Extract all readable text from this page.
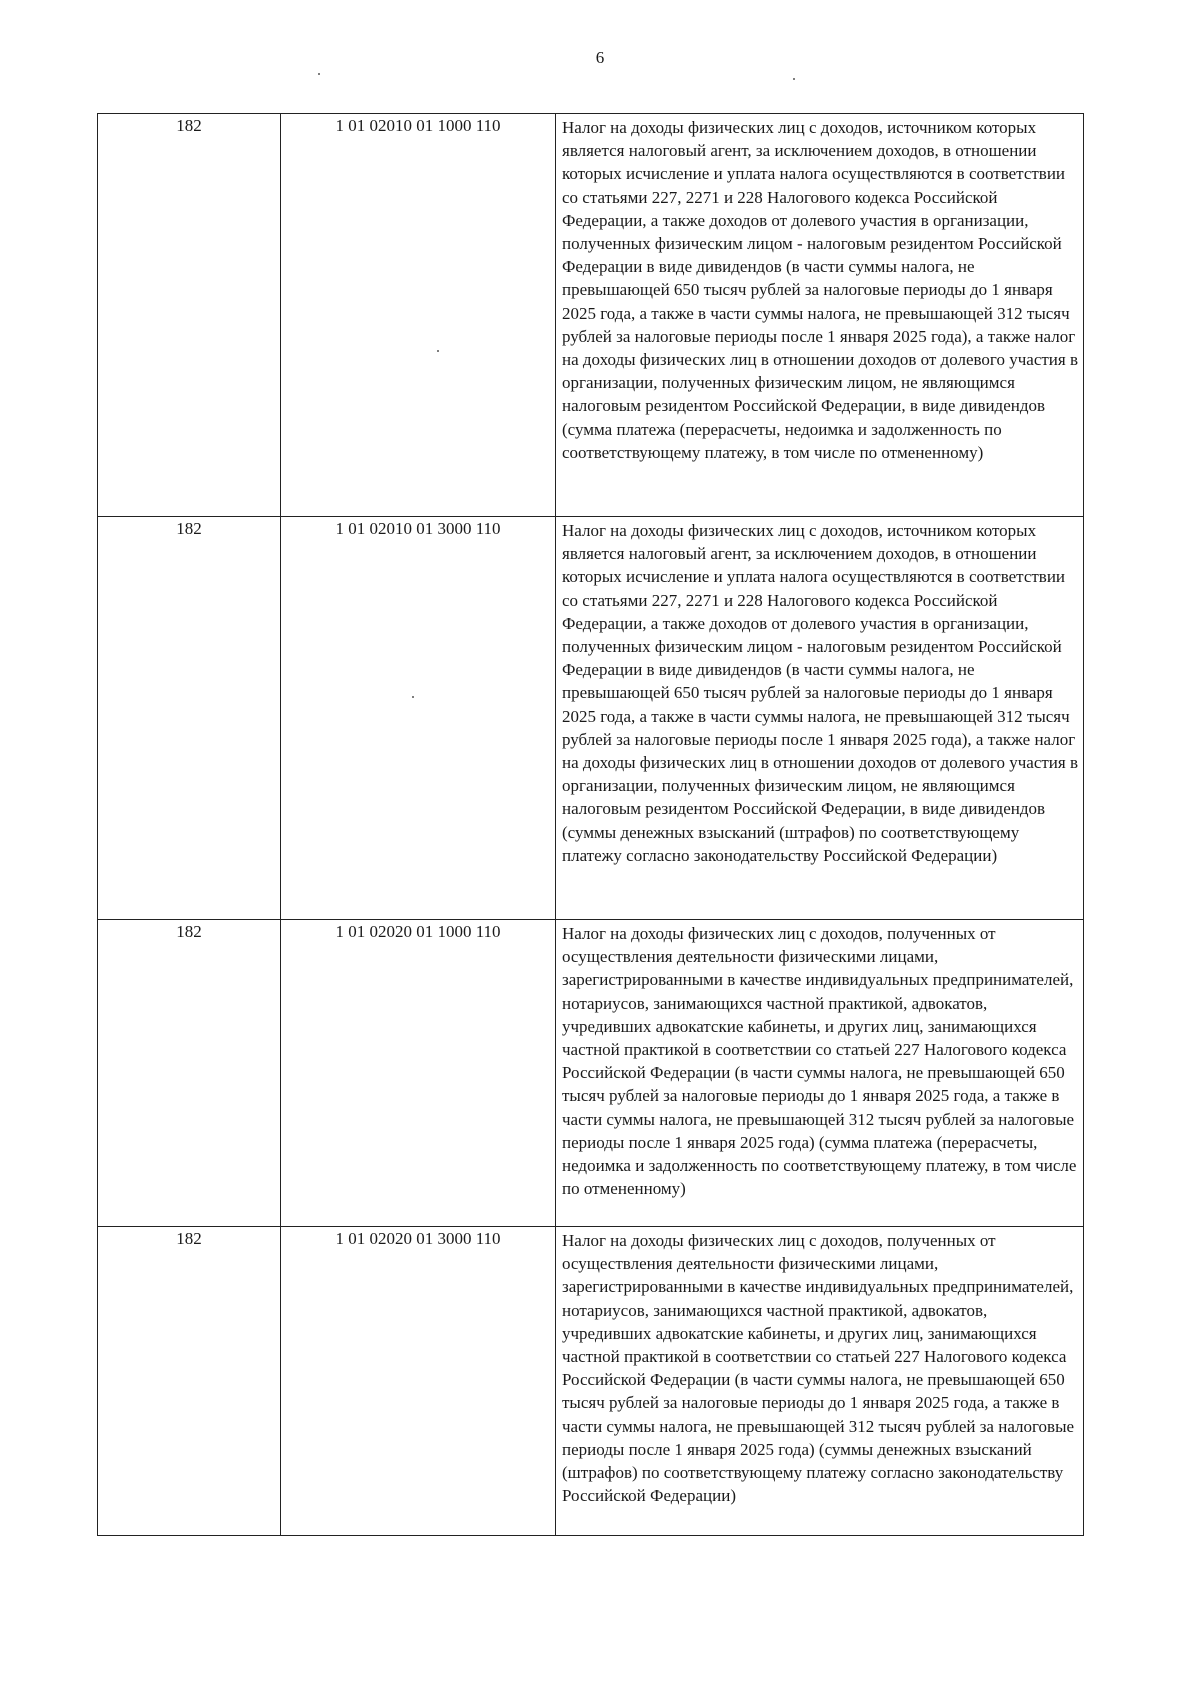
6
182	1 01 02010 01 1000 110	Налог на доходы физических лиц с доходов, источником которых является налоговый агент, за исключением доходов, в отношении которых исчисление и уплата налога осуществляются в соответствии со статьями 227, 2271 и 228 Налогового кодекса Российской Федерации, а также доходов от долевого участия в организации, полученных физическим лицом - налоговым резидентом Российской Федерации в виде дивидендов (в части суммы налога, не превышающей 650 тысяч рублей за налоговые периоды до 1 января 2025 года, а также в части суммы налога, не превышающей 312 тысяч рублей за налоговые периоды после 1 января 2025 года), а также налог на доходы физических лиц в отношении доходов от долевого участия в организации, полученных физическим лицом, не являющимся налоговым резидентом Российской Федерации, в виде дивидендов (сумма платежа (перерасчеты, недоимка и задолженность по соответствующему платежу, в том числе по отмененному)

182	1 01 02010 01 3000 110	Налог на доходы физических лиц с доходов, источником которых является налоговый агент, за исключением доходов, в отношении которых исчисление и уплата налога осуществляются в соответствии со статьями 227, 2271 и 228 Налогового кодекса Российской Федерации, а также доходов от долевого участия в организации, полученных физическим лицом - налоговым резидентом Российской Федерации в виде дивидендов (в части суммы налога, не превышающей 650 тысяч рублей за налоговые периоды до 1 января 2025 года, а также в части суммы налога, не превышающей 312 тысяч рублей за налоговые периоды после 1 января 2025 года), а также налог на доходы физических лиц в отношении доходов от долевого участия в организации, полученных физическим лицом, не являющимся налоговым резидентом Российской Федерации, в виде дивидендов (суммы денежных взысканий (штрафов) по соответствующему платежу согласно законодательству Российской Федерации)

182	1 01 02020 01 1000 110	Налог на доходы физических лиц с доходов, полученных от осуществления деятельности физическими лицами, зарегистрированными в качестве индивидуальных предпринимателей, нотариусов, занимающихся частной практикой, адвокатов, учредивших адвокатские кабинеты, и других лиц, занимающихся частной практикой в соответствии со статьей 227 Налогового кодекса Российской Федерации (в части суммы налога, не превышающей 650 тысяч рублей за налоговые периоды до 1 января 2025 года, а также в части суммы налога, не превышающей 312 тысяч рублей за налоговые периоды после 1 января 2025 года) (сумма платежа (перерасчеты, недоимка и задолженность по соответствующему платежу, в том числе по отмененному)

182	1 01 02020 01 3000 110	Налог на доходы физических лиц с доходов, полученных от осуществления деятельности физическими лицами, зарегистрированными в качестве индивидуальных предпринимателей, нотариусов, занимающихся частной практикой, адвокатов, учредивших адвокатские кабинеты, и других лиц, занимающихся частной практикой в соответствии со статьей 227 Налогового кодекса Российской Федерации (в части суммы налога, не превышающей 650 тысяч рублей за налоговые периоды до 1 января 2025 года, а также в части суммы налога, не превышающей 312 тысяч рублей за налоговые периоды после 1 января 2025 года) (суммы денежных взысканий (штрафов) по соответствующему платежу согласно законодательству Российской Федерации)
